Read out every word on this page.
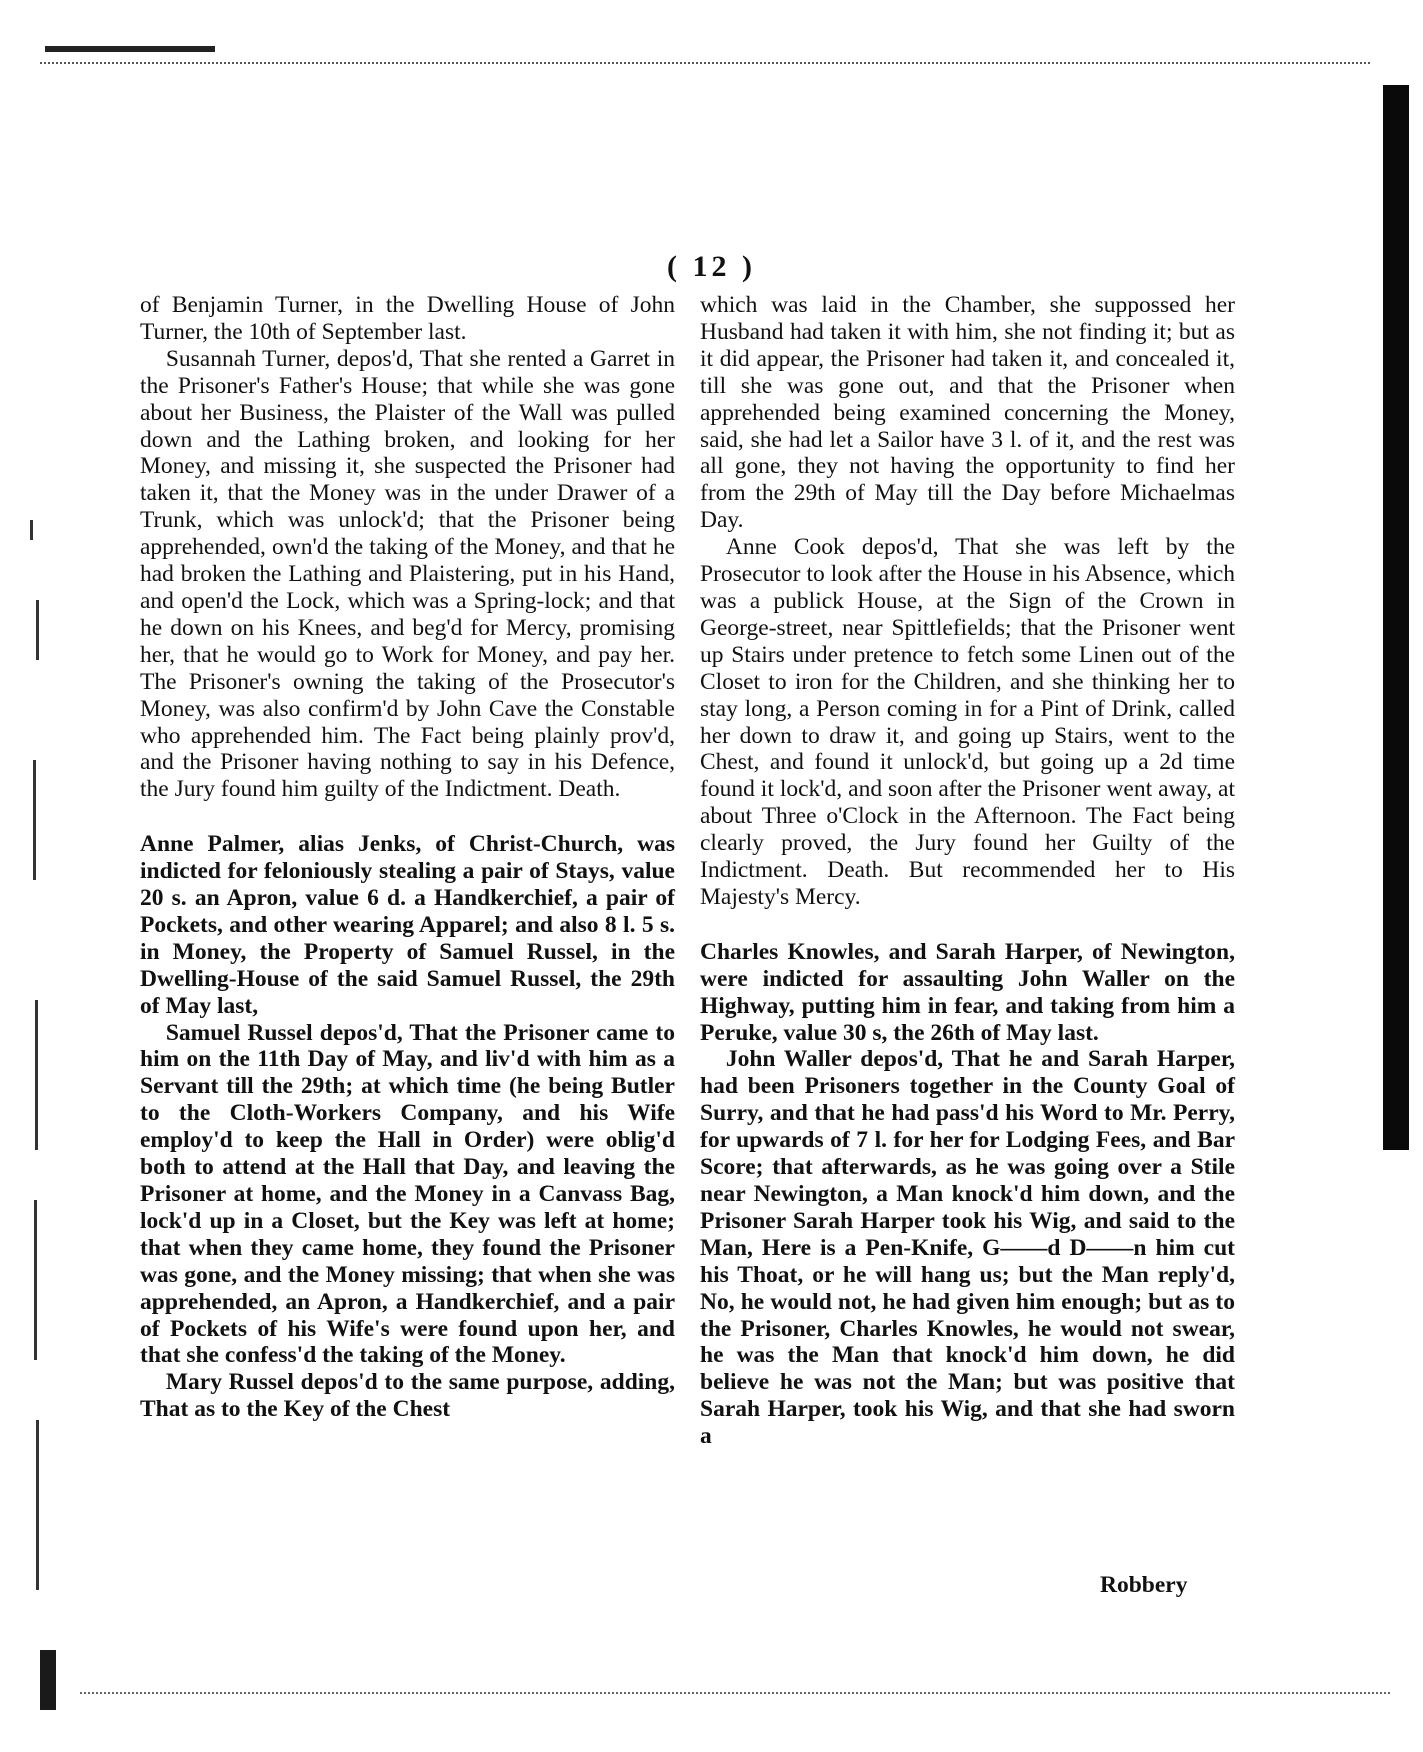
( 12 )

of Benjamin Turner, in the Dwelling House of John Turner, the 10th of September last.

Susannah Turner, depos'd, That she rented a Garret in the Prisoner's Father's House; that while she was gone about her Business, the Plaister of the Wall was pulled down and the Lathing broken, and looking for her Money, and missing it, she suspected the Prisoner had taken it, that the Money was in the under Drawer of a Trunk, which was unlock'd; that the Prisoner being apprehended, own'd the taking of the Money, and that he had broken the Lathing and Plaistering, put in his Hand, and open'd the Lock, which was a Spring-lock; and that he down on his Knees, and beg'd for Mercy, promising her, that he would go to Work for Money, and pay her. The Prisoner's owning the taking of the Prosecutor's Money, was also confirm'd by John Cave the Constable who apprehended him. The Fact being plainly prov'd, and the Prisoner having nothing to say in his Defence, the Jury found him guilty of the Indictment. Death.

Anne Palmer, alias Jenks, of Christ-Church, was indicted for feloniously stealing a pair of Stays, value 20 s. an Apron, value 6 d. a Handkerchief, a pair of Pockets, and other wearing Apparel; and also 8 l. 5 s. in Money, the Property of Samuel Russel, in the Dwelling-House of the said Samuel Russel, the 29th of May last,

Samuel Russel depos'd, That the Prisoner came to him on the 11th Day of May, and liv'd with him as a Servant till the 29th; at which time (he being Butler to the Cloth-Workers Company, and his Wife employ'd to keep the Hall in Order) were oblig'd both to attend at the Hall that Day, and leaving the Prisoner at home, and the Money in a Canvass Bag, lock'd up in a Closet, but the Key was left at home; that when they came home, they found the Prisoner was gone, and the Money missing; that when she was apprehended, an Apron, a Handkerchief, and a pair of Pockets of his Wife's were found upon her, and that she confess'd the taking of the Money.

Mary Russel depos'd to the same purpose, adding, That as to the Key of the Chest

which was laid in the Chamber, she suppossed her Husband had taken it with him, she not finding it; but as it did appear, the Prisoner had taken it, and concealed it, till she was gone out, and that the Prisoner when apprehended being examined concerning the Money, said, she had let a Sailor have 3 l. of it, and the rest was all gone, they not having the opportunity to find her from the 29th of May till the Day before Michaelmas Day.

Anne Cook depos'd, That she was left by the Prosecutor to look after the House in his Absence, which was a publick House, at the Sign of the Crown in George-street, near Spittlefields; that the Prisoner went up Stairs under pretence to fetch some Linen out of the Closet to iron for the Children, and she thinking her to stay long, a Person coming in for a Pint of Drink, called her down to draw it, and going up Stairs, went to the Chest, and found it unlock'd, but going up a 2d time found it lock'd, and soon after the Prisoner went away, at about Three o'Clock in the Afternoon. The Fact being clearly proved, the Jury found her Guilty of the Indictment. Death. But recommended her to His Majesty's Mercy.

Charles Knowles, and Sarah Harper, of Newington, were indicted for assaulting John Waller on the Highway, putting him in fear, and taking from him a Peruke, value 30 s, the 26th of May last.

John Waller depos'd, That he and Sarah Harper, had been Prisoners together in the County Goal of Surry, and that he had pass'd his Word to Mr. Perry, for upwards of 7 l. for her for Lodging Fees, and Bar Score; that afterwards, as he was going over a Stile near Newington, a Man knock'd him down, and the Prisoner Sarah Harper took his Wig, and said to the Man, Here is a Pen-Knife, G——d D——n him cut his Thoat, or he will hang us; but the Man reply'd, No, he would not, he had given him enough; but as to the Prisoner, Charles Knowles, he would not swear, he was the Man that knock'd him down, he did believe he was not the Man; but was positive that Sarah Harper, took his Wig, and that she had sworn a

Robbery
